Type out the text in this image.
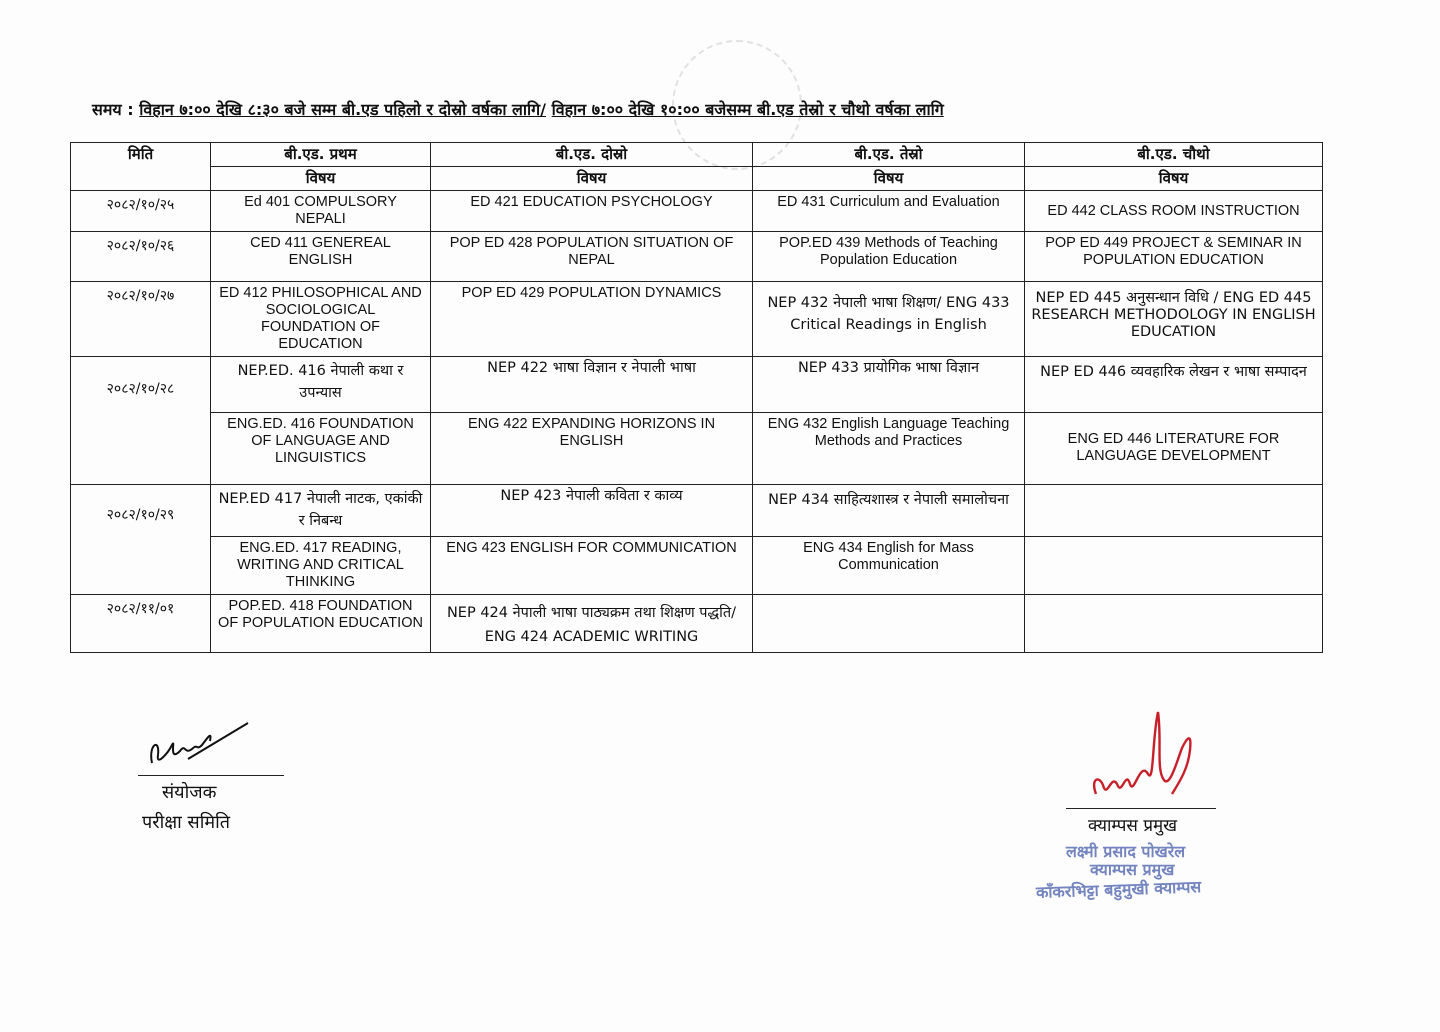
समय : विहान ७:०० देखि ८:३० बजे सम्म बी.एड पहिलो र दोस्रो वर्षका लागि/ विहान ७:०० देखि १०:०० बजेसम्म बी.एड तेस्रो र चौथो वर्षका लागि
मिति	बी.एड. प्रथम	बी.एड. दोस्रो	बी.एड. तेस्रो	बी.एड. चौथो
	विषय	विषय	विषय	विषय
२०८२/१०/२५	Ed 401 COMPULSORY NEPALI	ED 421 EDUCATION PSYCHOLOGY	ED 431 Curriculum and Evaluation	ED 442 CLASS ROOM INSTRUCTION
२०८२/१०/२६	CED 411 GENEREAL ENGLISH	POP ED 428 POPULATION SITUATION OF NEPAL	POP.ED 439 Methods of Teaching Population Education	POP ED 449 PROJECT & SEMINAR IN POPULATION EDUCATION
२०८२/१०/२७	ED 412 PHILOSOPHICAL AND SOCIOLOGICAL FOUNDATION OF EDUCATION	POP ED 429 POPULATION DYNAMICS	NEP 432 नेपाली भाषा शिक्षण/ ENG 433 Critical Readings in English	NEP ED 445 अनुसन्धान विधि / ENG ED 445 RESEARCH METHODOLOGY IN ENGLISH EDUCATION
२०८२/१०/२८	NEP.ED. 416 नेपाली कथा र उपन्यास	NEP 422 भाषा विज्ञान र नेपाली भाषा	NEP 433 प्रायोगिक भाषा विज्ञान	NEP ED 446 व्यवहारिक लेखन र भाषा सम्पादन
	ENG.ED. 416 FOUNDATION OF LANGUAGE AND LINGUISTICS	ENG 422 EXPANDING HORIZONS IN ENGLISH	ENG 432 English Language Teaching Methods and Practices	ENG ED 446 LITERATURE FOR LANGUAGE DEVELOPMENT
२०८२/१०/२९	NEP.ED 417 नेपाली नाटक, एकांकी र निबन्ध	NEP 423 नेपाली कविता र काव्य	NEP 434 साहित्यशास्त्र र नेपाली समालोचना	
	ENG.ED. 417 READING, WRITING AND CRITICAL THINKING	ENG 423 ENGLISH FOR COMMUNICATION	ENG 434 English for Mass Communication	
२०८२/११/०१	POP.ED. 418 FOUNDATION OF POPULATION EDUCATION	NEP 424 नेपाली भाषा पाठ्यक्रम तथा शिक्षण पद्धति/ ENG 424 ACADEMIC WRITING		
संयोजक
परीक्षा समिति	क्याम्पस प्रमुख
लक्ष्मी प्रसाद पोखरेल
क्याम्पस प्रमुख
काँकरभिट्टा बहुमुखी क्याम्पस
